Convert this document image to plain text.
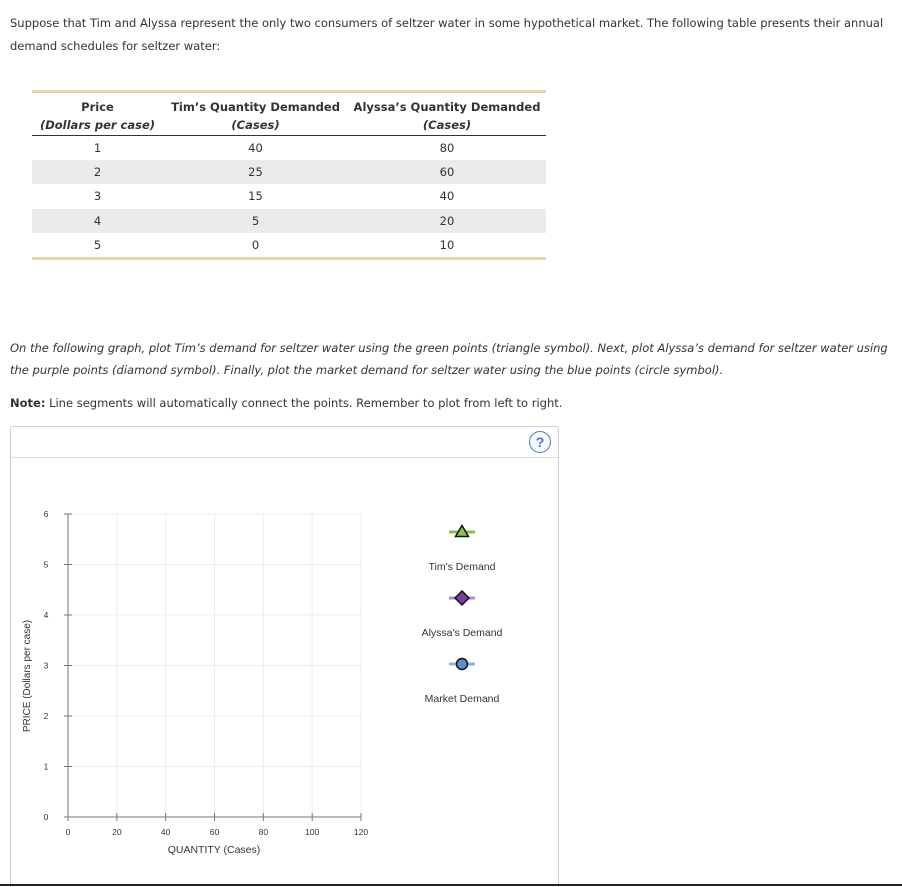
Suppose that Tim and Alyssa represent the only two consumers of seltzer water in some hypothetical market. The following table presents their annual demand schedules for seltzer water:
Price	Tim’s Quantity Demanded	Alyssa’s Quantity Demanded
(Dollars per case)	(Cases)	(Cases)
1	40	80
2	25	60
3	15	40
4	5	20
5	0	10
On the following graph, plot Tim’s demand for seltzer water using the green points (triangle symbol). Next, plot Alyssa’s demand for seltzer water using the purple points (diamond symbol). Finally, plot the market demand for seltzer water using the blue points (circle symbol).
Note: Line segments will automatically connect the points. Remember to plot from left to right.
?
0	20	40	60	80	100	120
0
1
2
3
4
5
6
PRICE (Dollars per case)
QUANTITY (Cases)
Tim's Demand
Alyssa's Demand
Market Demand
